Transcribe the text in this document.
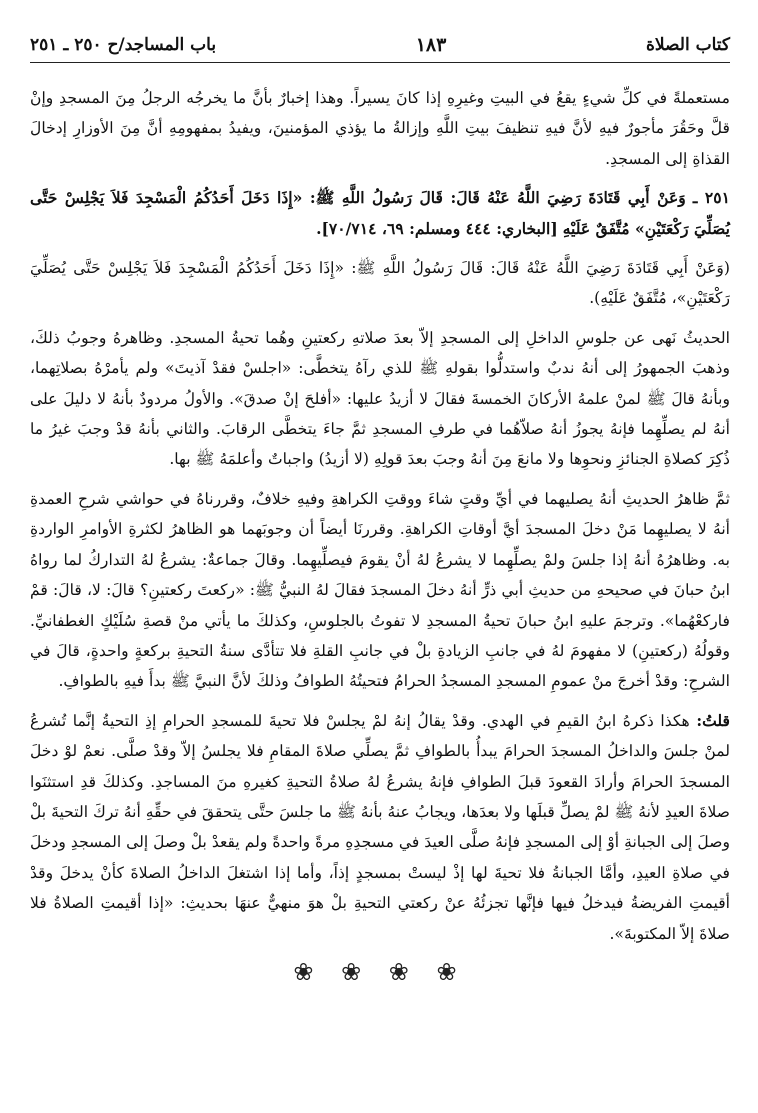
كتاب الصلاة
١٨٣
باب المساجد/ح ٢٥٠ ـ ٢٥١

مستعملةً في كلِّ شيءٍ يقعُ في البيتِ وغيرِهِ إذا كانَ يسيراً. وهذا إخبارٌ بأنَّ ما يخرجُه الرجلُ مِنَ المسجدِ وإنْ قلَّ وحَقُرَ مأجورٌ فيهِ لأنَّ فيهِ تنظيفَ بيتِ اللَّهِ وإزالةُ ما يؤذي المؤمنينَ، ويفيدُ بمفهومِهِ أنَّ مِنَ الأوزارِ إدخالَ القذاةِ إلى المسجدِ.

٢٥١ ـ وَعَنْ أَبِي قَتَادَةَ رَضِيَ اللَّهُ عَنْهُ قَالَ: قَالَ رَسُولُ اللَّهِ ﷺ: «إِذَا دَخَلَ أَحَدُكُمُ الْمَسْجِدَ فَلاَ يَجْلِسْ حَتَّى يُصَلِّيَ رَكْعَتَيْنِ» مُتَّفَقٌ عَلَيْهِ [البخاري: ٤٤٤ ومسلم: ٦٩، ٧٠/٧١٤].

(وَعَنْ أَبِي قَتَادَةَ رَضِيَ اللَّهُ عَنْهُ قَالَ: قَالَ رَسُولُ اللَّهِ ﷺ: «إِذَا دَخَلَ أَحَدُكُمُ الْمَسْجِدَ فَلاَ يَجْلِسْ حَتَّى يُصَلِّيَ رَكْعَتَيْنِ»، مُتَّفَقٌ عَلَيْهِ).

الحديثُ نَهى عن جلوسِ الداخلِ إلى المسجدِ إلاّ بعدَ صلاتهِ ركعتينِ وهُما تحيةُ المسجدِ. وظاهرهُ وجوبُ ذلكَ، وذهبَ الجمهورُ إلى أنهُ ندبٌ واستدلُّوا بقولهِ ﷺ للذي رآهُ يتخطَّى: «اجلسْ فقدْ آذيتَ» ولم يأمرْهُ بصلاتِهما، وبأنهُ قالَ ﷺ لمنْ علمهُ الأركانَ الخمسةَ فقالَ لا أزيدُ عليها: «أفلحَ إنْ صدقَ». والأولُ مردودٌ بأنهُ لا دليلَ على أنهُ لم يصلِّهِما فإنهُ يجوزُ أنهُ صلاّهُما في طرفِ المسجدِ ثمَّ جاءَ يتخطَّى الرقابَ. والثاني بأنهُ قدْ وجبَ غيرُ ما ذُكِرَ كصلاةِ الجنائزِ ونحوِها ولا مانعَ مِنَ أنهُ وجبَ بعدَ قولِهِ (لا أزيدُ) واجباتٌ وأعلمَهُ ﷺ بها.

ثمَّ ظاهرُ الحديثِ أنهُ يصليهما في أيِّ وقتٍ شاءَ ووقتِ الكراهةِ وفيهِ خلافٌ، وقررناهُ في حواشي شرحِ العمدةِ أنهُ لا يصليهِما مَنْ دخلَ المسجدَ أيَّ أوقاتِ الكراهةِ. وقررنَا أيضاً أن وجوبَهما هو الظاهرُ لكثرةِ الأوامرِ الواردةِ به. وظاهرُهُ أنهُ إذا جلسَ ولمْ يصلِّهِما لا يشرعُ لهُ أنْ يقومَ فيصلِّيهِما. وقالَ جماعةٌ: يشرعُ لهُ التداركُ لما رواهُ ابنُ حبانَ في صحيحهِ من حديثِ أبي ذرٍّ أنهُ دخلَ المسجدَ فقالَ لهُ النبيُّ ﷺ: «ركعتَ ركعتينِ؟ قالَ: لا، قالَ: قمْ فاركعْهُما». وترجمَ عليهِ ابنُ حبانَ تحيةُ المسجدِ لا تفوتُ بالجلوسِ، وكذلكَ ما يأتي منْ قصةِ سُلَيْكٍ الغطفانيِّ. وقولُهُ (ركعتينِ) لا مفهومَ لهُ في جانبِ الزيادةِ بلْ في جانبِ القلةِ فلا تتأدَّى سنةُ التحيةِ بركعةٍ واحدةٍ، قالَ في الشرحِ: وقدْ أخرجَ منْ عمومِ المسجدِ المسجدُ الحرامُ فتحيتُهُ الطوافُ وذلكَ لأنَّ النبيَّ ﷺ بدأَ فيهِ بالطوافِ.

قلتُ: هكذا ذكرهُ ابنُ القيمِ في الهدي. وقدْ يقالُ إنهُ لمْ يجلسْ فلا تحيةَ للمسجدِ الحرامِ إذِ التحيةُ إنَّما تُشرعُ لمنْ جلسَ والداخلُ المسجدَ الحرامَ يبدأُ بالطوافِ ثمَّ يصلِّي صلاةَ المقامِ فلا يجلسُ إلاّ وقدْ صلَّى. نعمْ لوْ دخلَ المسجدَ الحرامَ وأرادَ القعودَ قبلَ الطوافِ فإنهُ يشرعُ لهُ صلاةُ التحيةِ كغيرهِ منَ المساجدِ. وكذلكَ قدِ استثنَوا صلاةَ العيدِ لأنهُ ﷺ لمْ يصلِّ قبلَها ولا بعدَها، ويجابُ عنهُ بأنهُ ﷺ ما جلسَ حتَّى يتحققَ في حقِّهِ أنهُ تركَ التحيةَ بلْ وصلَ إلى الجبانةِ أوْ إلى المسجدِ فإنهُ صلَّى العيدَ في مسجدِهِ مرةً واحدةً ولم يقعدْ بلْ وصلَ إلى المسجدِ ودخلَ في صلاةِ العيدِ، وأمَّا الجبانةُ فلا تحيةَ لها إذْ ليستْ بمسجدٍ إذاً، وأما إذا اشتغلَ الداخلُ الصلاةَ كأنْ يدخلَ وقدْ أقيمتِ الفريضةُ فيدخلُ فيها فإنَّها تجزئُهُ عنْ ركعتي التحيةِ بلْ هوَ منهيٌّ عنهَا بحديثِ: «إذا أقيمتِ الصلاةُ فلا صلاةَ إلاّ المكتوبةَ».

❀ ❀ ❀ ❀
